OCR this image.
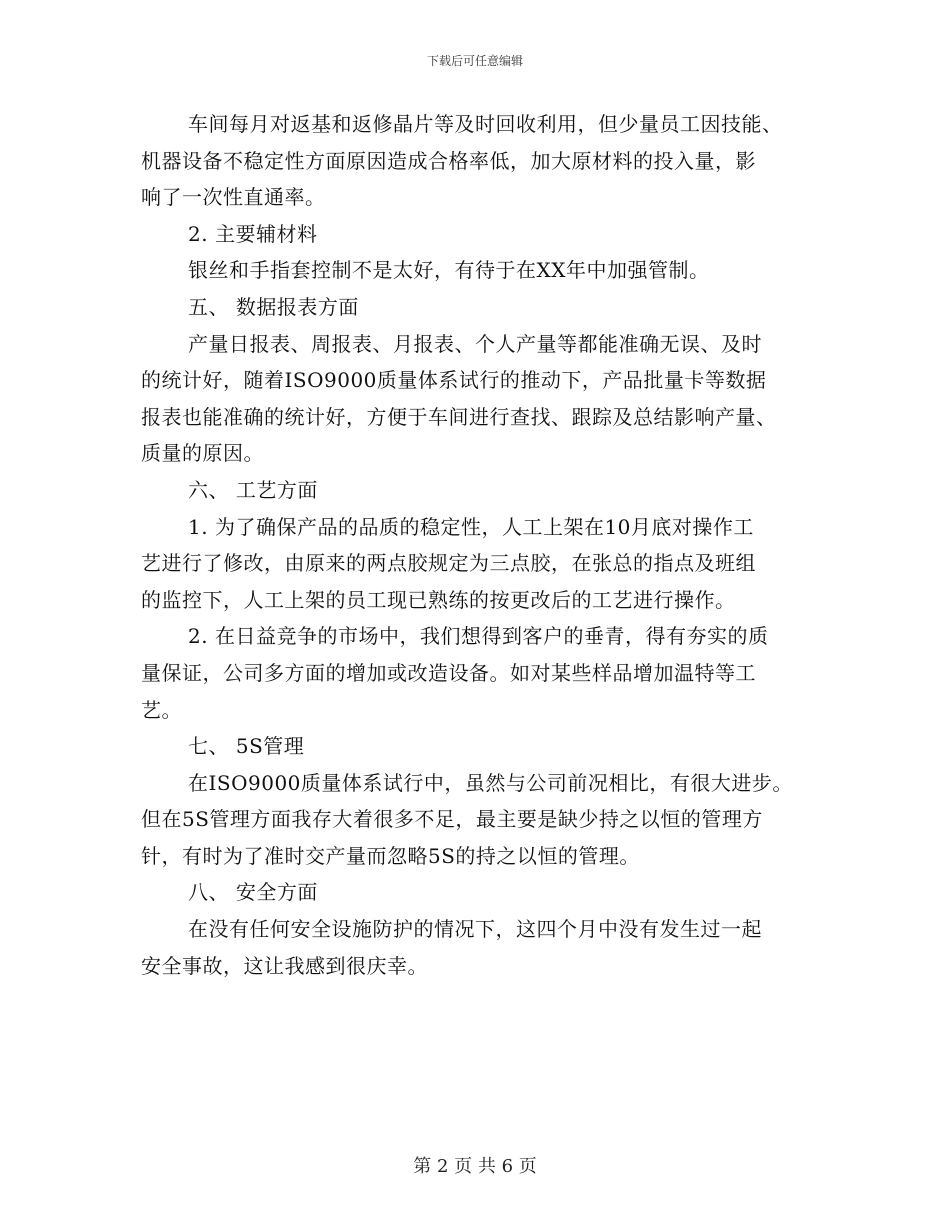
下载后可任意编辑
车间每月对返基和返修晶片等及时回收利用，但少量员工因技能、
机器设备不稳定性方面原因造成合格率低，加大原材料的投入量，影
响了一次性直通率。
2. 主要辅材料
银丝和手指套控制不是太好，有待于在XX年中加强管制。
五、 数据报表方面
产量日报表、周报表、月报表、个人产量等都能准确无误、及时
的统计好，随着ISO9000质量体系试行的推动下，产品批量卡等数据
报表也能准确的统计好，方便于车间进行查找、跟踪及总结影响产量、
质量的原因。
六、 工艺方面
1. 为了确保产品的品质的稳定性，人工上架在10月底对操作工
艺进行了修改，由原来的两点胶规定为三点胶，在张总的指点及班组
的监控下，人工上架的员工现已熟练的按更改后的工艺进行操作。
2. 在日益竞争的市场中，我们想得到客户的垂青，得有夯实的质
量保证，公司多方面的增加或改造设备。如对某些样品增加温特等工
艺。
七、 5S管理
在ISO9000质量体系试行中，虽然与公司前况相比，有很大进步。
但在5S管理方面我存大着很多不足，最主要是缺少持之以恒的管理方
针，有时为了准时交产量而忽略5S的持之以恒的管理。
八、 安全方面
在没有任何安全设施防护的情况下，这四个月中没有发生过一起
安全事故，这让我感到很庆幸。
第 2 页 共 6 页
